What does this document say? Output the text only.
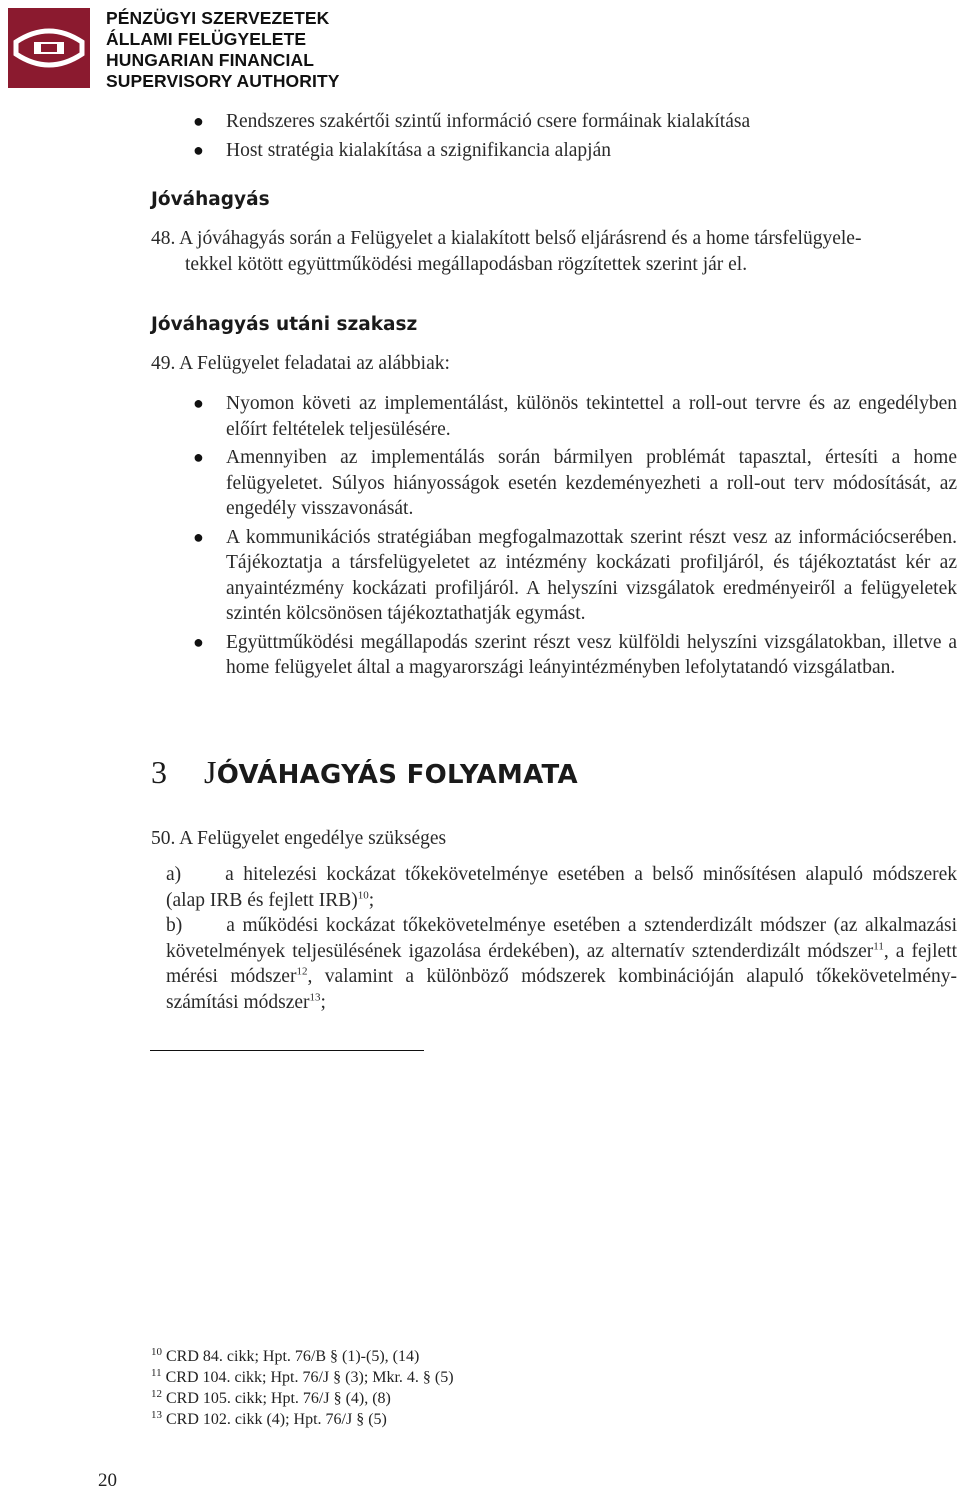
PÉNZÜGYI SZERVEZETEK
ÁLLAMI FELÜGYELETE
HUNGARIAN FINANCIAL
SUPERVISORY AUTHORITY
● Rendszeres szakértői szintű információ csere formáinak kialakítása
● Host stratégia kialakítása a szignifikancia alapján
Jóváhagyás
48. A jóváhagyás során a Felügyelet a kialakított belső eljárásrend és a home társfelügyele-
tekkel kötött együttműködési megállapodásban rögzítettek szerint jár el.
Jóváhagyás utáni szakasz
49. A Felügyelet feladatai az alábbiak:
● Nyomon követi az implementálást, különös tekintettel a roll-out tervre és az engedélyben előírt feltételek teljesülésére.
● Amennyiben az implementálás során bármilyen problémát tapasztal, értesíti a home felügyeletet. Súlyos hiányosságok esetén kezdeményezheti a roll-out terv módosítását, az engedély visszavonását.
● A kommunikációs stratégiában megfogalmazottak szerint részt vesz az információcserében. Tájékoztatja a társfelügyeletet az intézmény kockázati profiljáról, és tájékoztatást kér az anyaintézmény kockázati profiljáról. A helyszíni vizsgálatok eredményeiről a felügyeletek szintén kölcsönösen tájékoztathatják egymást.
● Együttműködési megállapodás szerint részt vesz külföldi helyszíni vizsgálatokban, illetve a home felügyelet által a magyarországi leányintézményben lefolytatandó vizsgálatban.
3 JÓVÁHAGYÁS FOLYAMATA
50. A Felügyelet engedélye szükséges
a) a hitelezési kockázat tőkekövetelménye esetében a belső minősítésen alapuló módszerek (alap IRB és fejlett IRB)$^{10}$;
b) a működési kockázat tőkekövetelménye esetében a sztenderdizált módszer (az alkalmazási követelmények teljesülésének igazolása érdekében), az alternatív sztenderdizált módszer$^{11}$, a fejlett mérési módszer$^{12}$, valamint a különböző módszerek kombinációján alapuló tőkekövetelmény-számítási módszer$^{13}$;
$^{10}$ CRD 84. cikk; Hpt. 76/B § (1)-(5), (14)
$^{11}$ CRD 104. cikk; Hpt. 76/J § (3); Mkr. 4. § (5)
$^{12}$ CRD 105. cikk; Hpt. 76/J § (4), (8)
$^{13}$ CRD 102. cikk (4); Hpt. 76/J § (5)
20
